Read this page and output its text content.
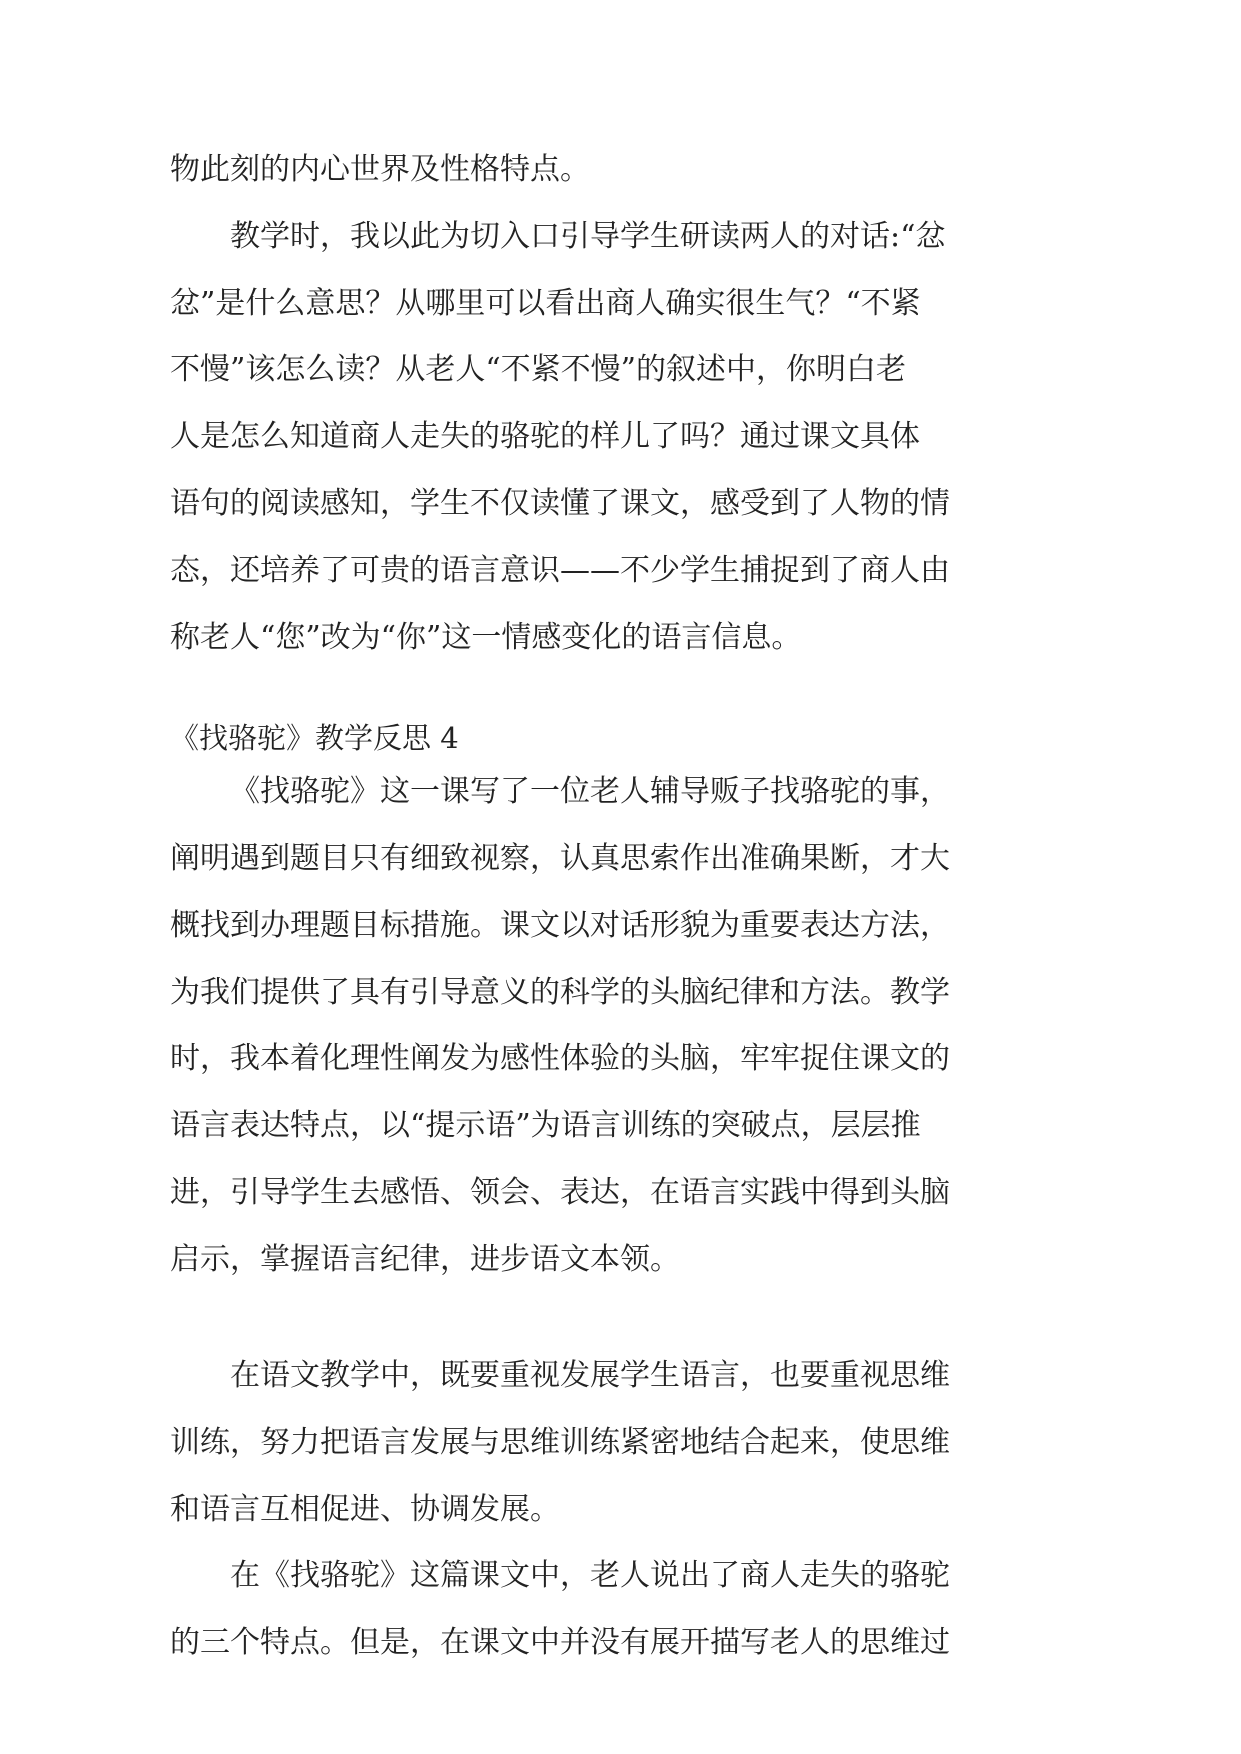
物此刻的内心世界及性格特点。
教学时，我以此为切入口引导学生研读两人的对话:“忿
忿”是什么意思？从哪里可以看出商人确实很生气？“不紧
不慢”该怎么读？从老人“不紧不慢”的叙述中，你明白老
人是怎么知道商人走失的骆驼的样儿了吗？通过课文具体
语句的阅读感知，学生不仅读懂了课文，感受到了人物的情
态，还培养了可贵的语言意识——不少学生捕捉到了商人由
称老人“您”改为“你”这一情感变化的语言信息。
《找骆驼》教学反思 4
《找骆驼》这一课写了一位老人辅导贩子找骆驼的事，
阐明遇到题目只有细致视察，认真思索作出准确果断，才大
概找到办理题目标措施。课文以对话形貌为重要表达方法，
为我们提供了具有引导意义的科学的头脑纪律和方法。教学
时，我本着化理性阐发为感性体验的头脑，牢牢捉住课文的
语言表达特点，以“提示语”为语言训练的突破点，层层推
进，引导学生去感悟、领会、表达，在语言实践中得到头脑
启示，掌握语言纪律，进步语文本领。
在语文教学中，既要重视发展学生语言，也要重视思维
训练，努力把语言发展与思维训练紧密地结合起来，使思维
和语言互相促进、协调发展。
在《找骆驼》这篇课文中，老人说出了商人走失的骆驼
的三个特点。但是，在课文中并没有展开描写老人的思维过
